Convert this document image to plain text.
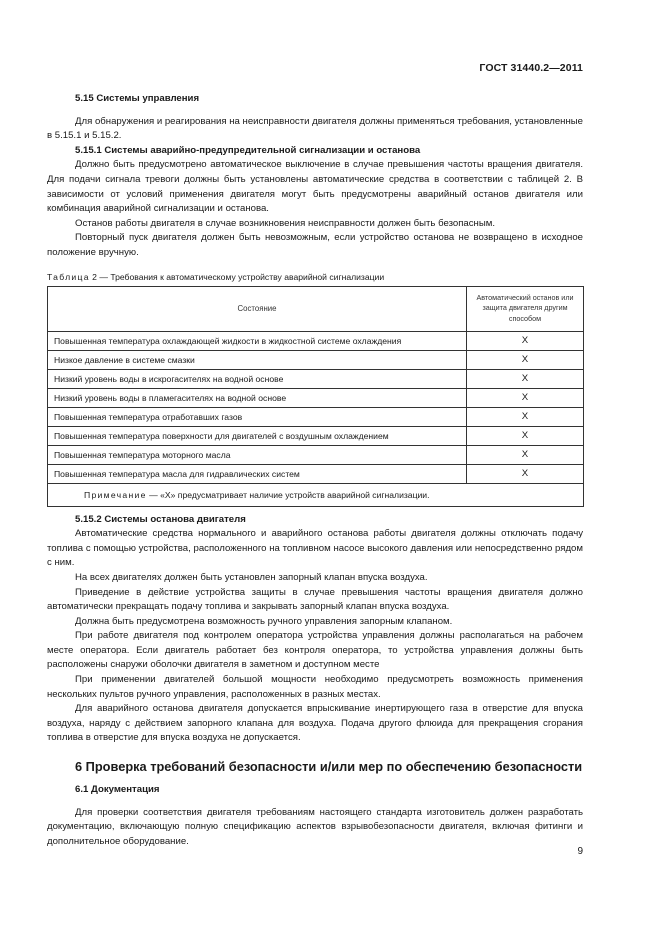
ГОСТ 31440.2—2011

5.15 Системы управления

Для обнаружения и реагирования на неисправности двигателя должны применяться требования, установленные в 5.15.1 и 5.15.2.

5.15.1 Системы аварийно-предупредительной сигнализации и останова

Должно быть предусмотрено автоматическое выключение в случае превышения частоты вращения двигателя. Для подачи сигнала тревоги должны быть установлены автоматические средства в соответствии с таблицей 2. В зависимости от условий применения двигателя могут быть предусмотрены аварийный останов двигателя или комбинация аварийной сигнализации и останова.

Останов работы двигателя в случае возникновения неисправности должен быть безопасным.

Повторный пуск двигателя должен быть невозможным, если устройство останова не возвращено в исходное положение вручную.

Таблица 2 — Требования к автоматическому устройству аварийной сигнализации
Состояние	Автоматический останов или защита двигателя другим способом
Повышенная температура охлаждающей жидкости в жидкостной системе охлаждения	X
Низкое давление в системе смазки	X
Низкий уровень воды в искрогасителях на водной основе	X
Низкий уровень воды в пламегасителях на водной основе	X
Повышенная температура отработавших газов	X
Повышенная температура поверхности для двигателей с воздушным охлаждением	X
Повышенная температура моторного масла	X
Повышенная температура масла для гидравлических систем	X
Примечание — «X» предусматривает наличие устройств аварийной сигнализации.	

5.15.2 Системы останова двигателя

Автоматические средства нормального и аварийного останова работы двигателя должны отключать подачу топлива с помощью устройства, расположенного на топливном насосе высокого давления или непосредственно рядом с ним.

На всех двигателях должен быть установлен запорный клапан впуска воздуха.

Приведение в действие устройства защиты в случае превышения частоты вращения двигателя должно автоматически прекращать подачу топлива и закрывать запорный клапан впуска воздуха.

Должна быть предусмотрена возможность ручного управления запорным клапаном.

При работе двигателя под контролем оператора устройства управления должны располагаться на рабочем месте оператора. Если двигатель работает без контроля оператора, то устройства управления должны быть расположены снаружи оболочки двигателя в заметном и доступном месте

При применении двигателей большой мощности необходимо предусмотреть возможность применения нескольких пультов ручного управления, расположенных в разных местах.

Для аварийного останова двигателя допускается впрыскивание инертирующего газа в отверстие для впуска воздуха, наряду с действием запорного клапана для воздуха. Подача другого флюида для прекращения сгорания топлива в отверстие для впуска воздуха не допускается.

6 Проверка требований безопасности и/или мер по обеспечению безопасности

6.1 Документация

Для проверки соответствия двигателя требованиям настоящего стандарта изготовитель должен разработать документацию, включающую полную спецификацию аспектов взрывобезопасности двигателя, включая фитинги и дополнительное оборудование.

9
